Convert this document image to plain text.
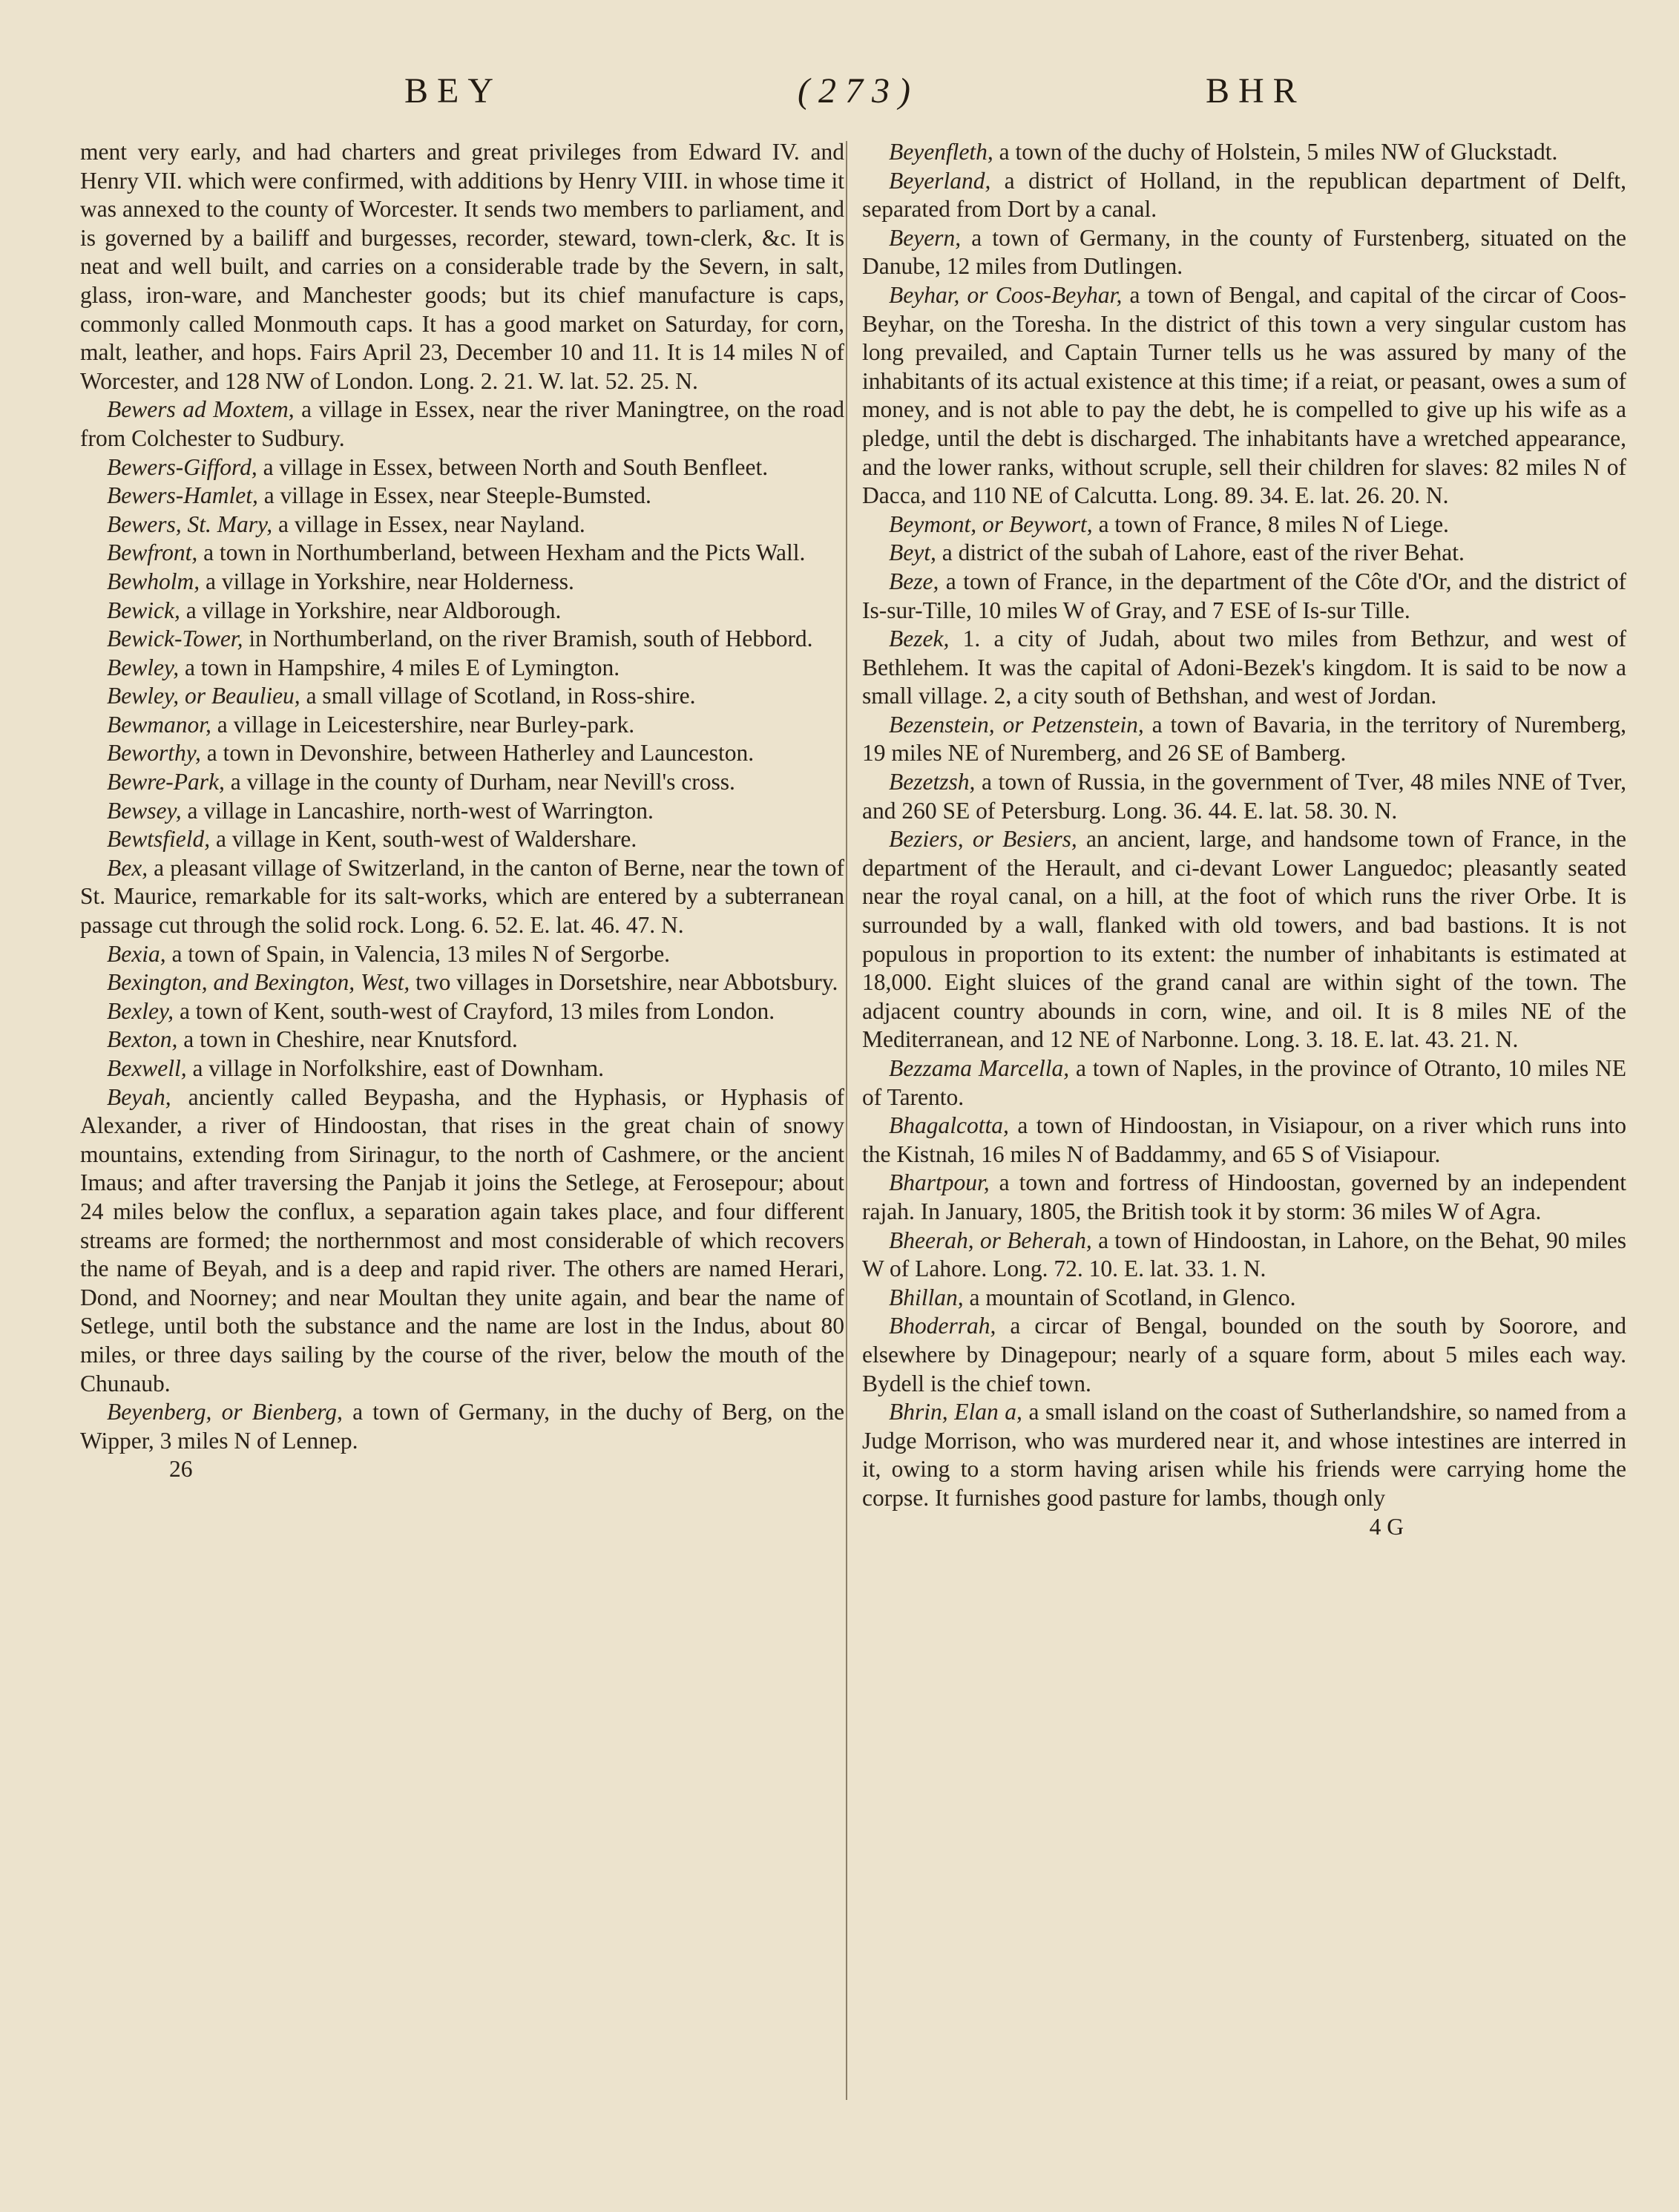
BEY	(273)	BHR

ment very early, and had charters and great privileges from Edward IV. and Henry VII. which were confirmed, with additions by Henry VIII. in whose time it was annexed to the county of Worcester. It sends two members to parliament, and is governed by a bailiff and burgesses, recorder, steward, town-clerk, &c. It is neat and well built, and carries on a considerable trade by the Severn, in salt, glass, iron-ware, and Manchester goods; but its chief manufacture is caps, commonly called Monmouth caps. It has a good market on Saturday, for corn, malt, leather, and hops. Fairs April 23, December 10 and 11. It is 14 miles N of Worcester, and 128 NW of London. Long. 2. 21. W. lat. 52. 25. N.

Bewers ad Moxtem, a village in Essex, near the river Maningtree, on the road from Colchester to Sudbury.

Bewers-Gifford, a village in Essex, between North and South Benfleet.

Bewers-Hamlet, a village in Essex, near Steeple-Bumsted.

Bewers, St. Mary, a village in Essex, near Nayland.

Bewfront, a town in Northumberland, between Hexham and the Picts Wall.

Bewholm, a village in Yorkshire, near Holderness.

Bewick, a village in Yorkshire, near Aldborough.

Bewick-Tower, in Northumberland, on the river Bramish, south of Hebbord.

Bewley, a town in Hampshire, 4 miles E of Lymington.

Bewley, or Beaulieu, a small village of Scotland, in Ross-shire.

Bewmanor, a village in Leicestershire, near Burley-park.

Beworthy, a town in Devonshire, between Hatherley and Launceston.

Bewre-Park, a village in the county of Durham, near Nevill's cross.

Bewsey, a village in Lancashire, north-west of Warrington.

Bewtsfield, a village in Kent, south-west of Waldershare.

Bex, a pleasant village of Switzerland, in the canton of Berne, near the town of St. Maurice, remarkable for its salt-works, which are entered by a subterranean passage cut through the solid rock. Long. 6. 52. E. lat. 46. 47. N.

Bexia, a town of Spain, in Valencia, 13 miles N of Sergorbe.

Bexington, and Bexington, West, two villages in Dorsetshire, near Abbotsbury.

Bexley, a town of Kent, south-west of Crayford, 13 miles from London.

Bexton, a town in Cheshire, near Knutsford.

Bexwell, a village in Norfolkshire, east of Downham.

Beyah, anciently called Beypasha, and the Hyphasis, or Hyphasis of Alexander, a river of Hindoostan, that rises in the great chain of snowy mountains, extending from Sirinagur, to the north of Cashmere, or the ancient Imaus; and after traversing the Panjab it joins the Setlege, at Ferosepour; about 24 miles below the conflux, a separation again takes place, and four different streams are formed; the northernmost and most considerable of which recovers the name of Beyah, and is a deep and rapid river. The others are named Herari, Dond, and Noorney; and near Moultan they unite again, and bear the name of Setlege, until both the substance and the name are lost in the Indus, about 80 miles, or three days sailing by the course of the river, below the mouth of the Chunaub.

Beyenberg, or Bienberg, a town of Germany, in the duchy of Berg, on the Wipper, 3 miles N of Lennep.

26

Beyenfleth, a town of the duchy of Holstein, 5 miles NW of Gluckstadt.

Beyerland, a district of Holland, in the republican department of Delft, separated from Dort by a canal.

Beyern, a town of Germany, in the county of Furstenberg, situated on the Danube, 12 miles from Dutlingen.

Beyhar, or Coos-Beyhar, a town of Bengal, and capital of the circar of Coos-Beyhar, on the Toresha. In the district of this town a very singular custom has long prevailed, and Captain Turner tells us he was assured by many of the inhabitants of its actual existence at this time; if a reiat, or peasant, owes a sum of money, and is not able to pay the debt, he is compelled to give up his wife as a pledge, until the debt is discharged. The inhabitants have a wretched appearance, and the lower ranks, without scruple, sell their children for slaves: 82 miles N of Dacca, and 110 NE of Calcutta. Long. 89. 34. E. lat. 26. 20. N.

Beymont, or Beywort, a town of France, 8 miles N of Liege.

Beyt, a district of the subah of Lahore, east of the river Behat.

Beze, a town of France, in the department of the Côte d'Or, and the district of Is-sur-Tille, 10 miles W of Gray, and 7 ESE of Is-sur Tille.

Bezek, 1. a city of Judah, about two miles from Bethzur, and west of Bethlehem. It was the capital of Adoni-Bezek's kingdom. It is said to be now a small village. 2, a city south of Bethshan, and west of Jordan.

Bezenstein, or Petzenstein, a town of Bavaria, in the territory of Nuremberg, 19 miles NE of Nuremberg, and 26 SE of Bamberg.

Bezetzsh, a town of Russia, in the government of Tver, 48 miles NNE of Tver, and 260 SE of Petersburg. Long. 36. 44. E. lat. 58. 30. N.

Beziers, or Besiers, an ancient, large, and handsome town of France, in the department of the Herault, and ci-devant Lower Languedoc; pleasantly seated near the royal canal, on a hill, at the foot of which runs the river Orbe. It is surrounded by a wall, flanked with old towers, and bad bastions. It is not populous in proportion to its extent: the number of inhabitants is estimated at 18,000. Eight sluices of the grand canal are within sight of the town. The adjacent country abounds in corn, wine, and oil. It is 8 miles NE of the Mediterranean, and 12 NE of Narbonne. Long. 3. 18. E. lat. 43. 21. N.

Bezzama Marcella, a town of Naples, in the province of Otranto, 10 miles NE of Tarento.

Bhagalcotta, a town of Hindoostan, in Visiapour, on a river which runs into the Kistnah, 16 miles N of Baddammy, and 65 S of Visiapour.

Bhartpour, a town and fortress of Hindoostan, governed by an independent rajah. In January, 1805, the British took it by storm: 36 miles W of Agra.

Bheerah, or Beherah, a town of Hindoostan, in Lahore, on the Behat, 90 miles W of Lahore. Long. 72. 10. E. lat. 33. 1. N.

Bhillan, a mountain of Scotland, in Glenco.

Bhoderrah, a circar of Bengal, bounded on the south by Soorore, and elsewhere by Dinagepour; nearly of a square form, about 5 miles each way. Bydell is the chief town.

Bhrin, Elan a, a small island on the coast of Sutherlandshire, so named from a Judge Morrison, who was murdered near it, and whose intestines are interred in it, owing to a storm having arisen while his friends were carrying home the corpse. It furnishes good pasture for lambs, though only

4 G
